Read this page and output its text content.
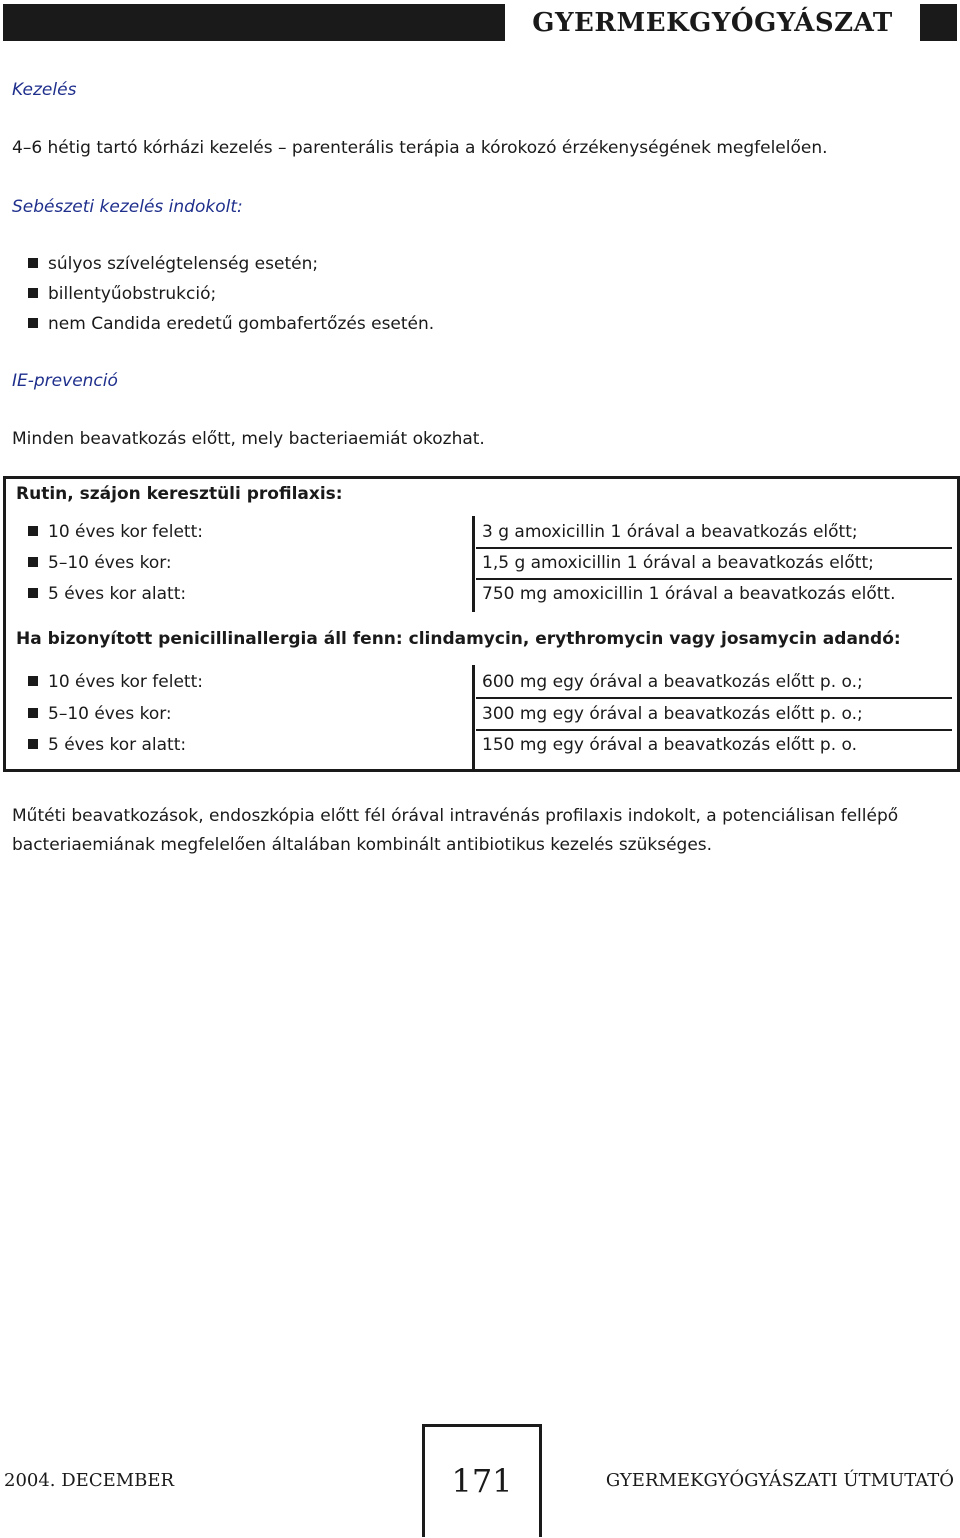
GYERMEKGYÓGYÁSZAT
Kezelés
4–6 hétig tartó kórházi kezelés – parenterális terápia a kórokozó érzékenységének megfelelően.
Sebészeti kezelés indokolt:
súlyos szívelégtelenség esetén;
billentyűobstrukció;
nem Candida eredetű gombafertőzés esetén.
IE-prevenció
Minden beavatkozás előtt, mely bacteriaemiát okozhat.
Rutin, szájon keresztüli profilaxis:
10 éves kor felett:	3 g amoxicillin 1 órával a beavatkozás előtt;
5–10 éves kor:	1,5 g amoxicillin 1 órával a beavatkozás előtt;
5 éves kor alatt:	750 mg amoxicillin 1 órával a beavatkozás előtt.
Ha bizonyított penicillinallergia áll fenn: clindamycin, erythromycin vagy josamycin adandó:
10 éves kor felett:	600 mg egy órával a beavatkozás előtt p. o.;
5–10 éves kor:	300 mg egy órával a beavatkozás előtt p. o.;
5 éves kor alatt:	150 mg egy órával a beavatkozás előtt p. o.
Műtéti beavatkozások, endoszkópia előtt fél órával intravénás profilaxis indokolt, a potenciálisan fellépő
bacteriaemiának megfelelően általában kombinált antibiotikus kezelés szükséges.
2004. DECEMBER	171	GYERMEKGYÓGYÁSZATI ÚTMUTATÓ
